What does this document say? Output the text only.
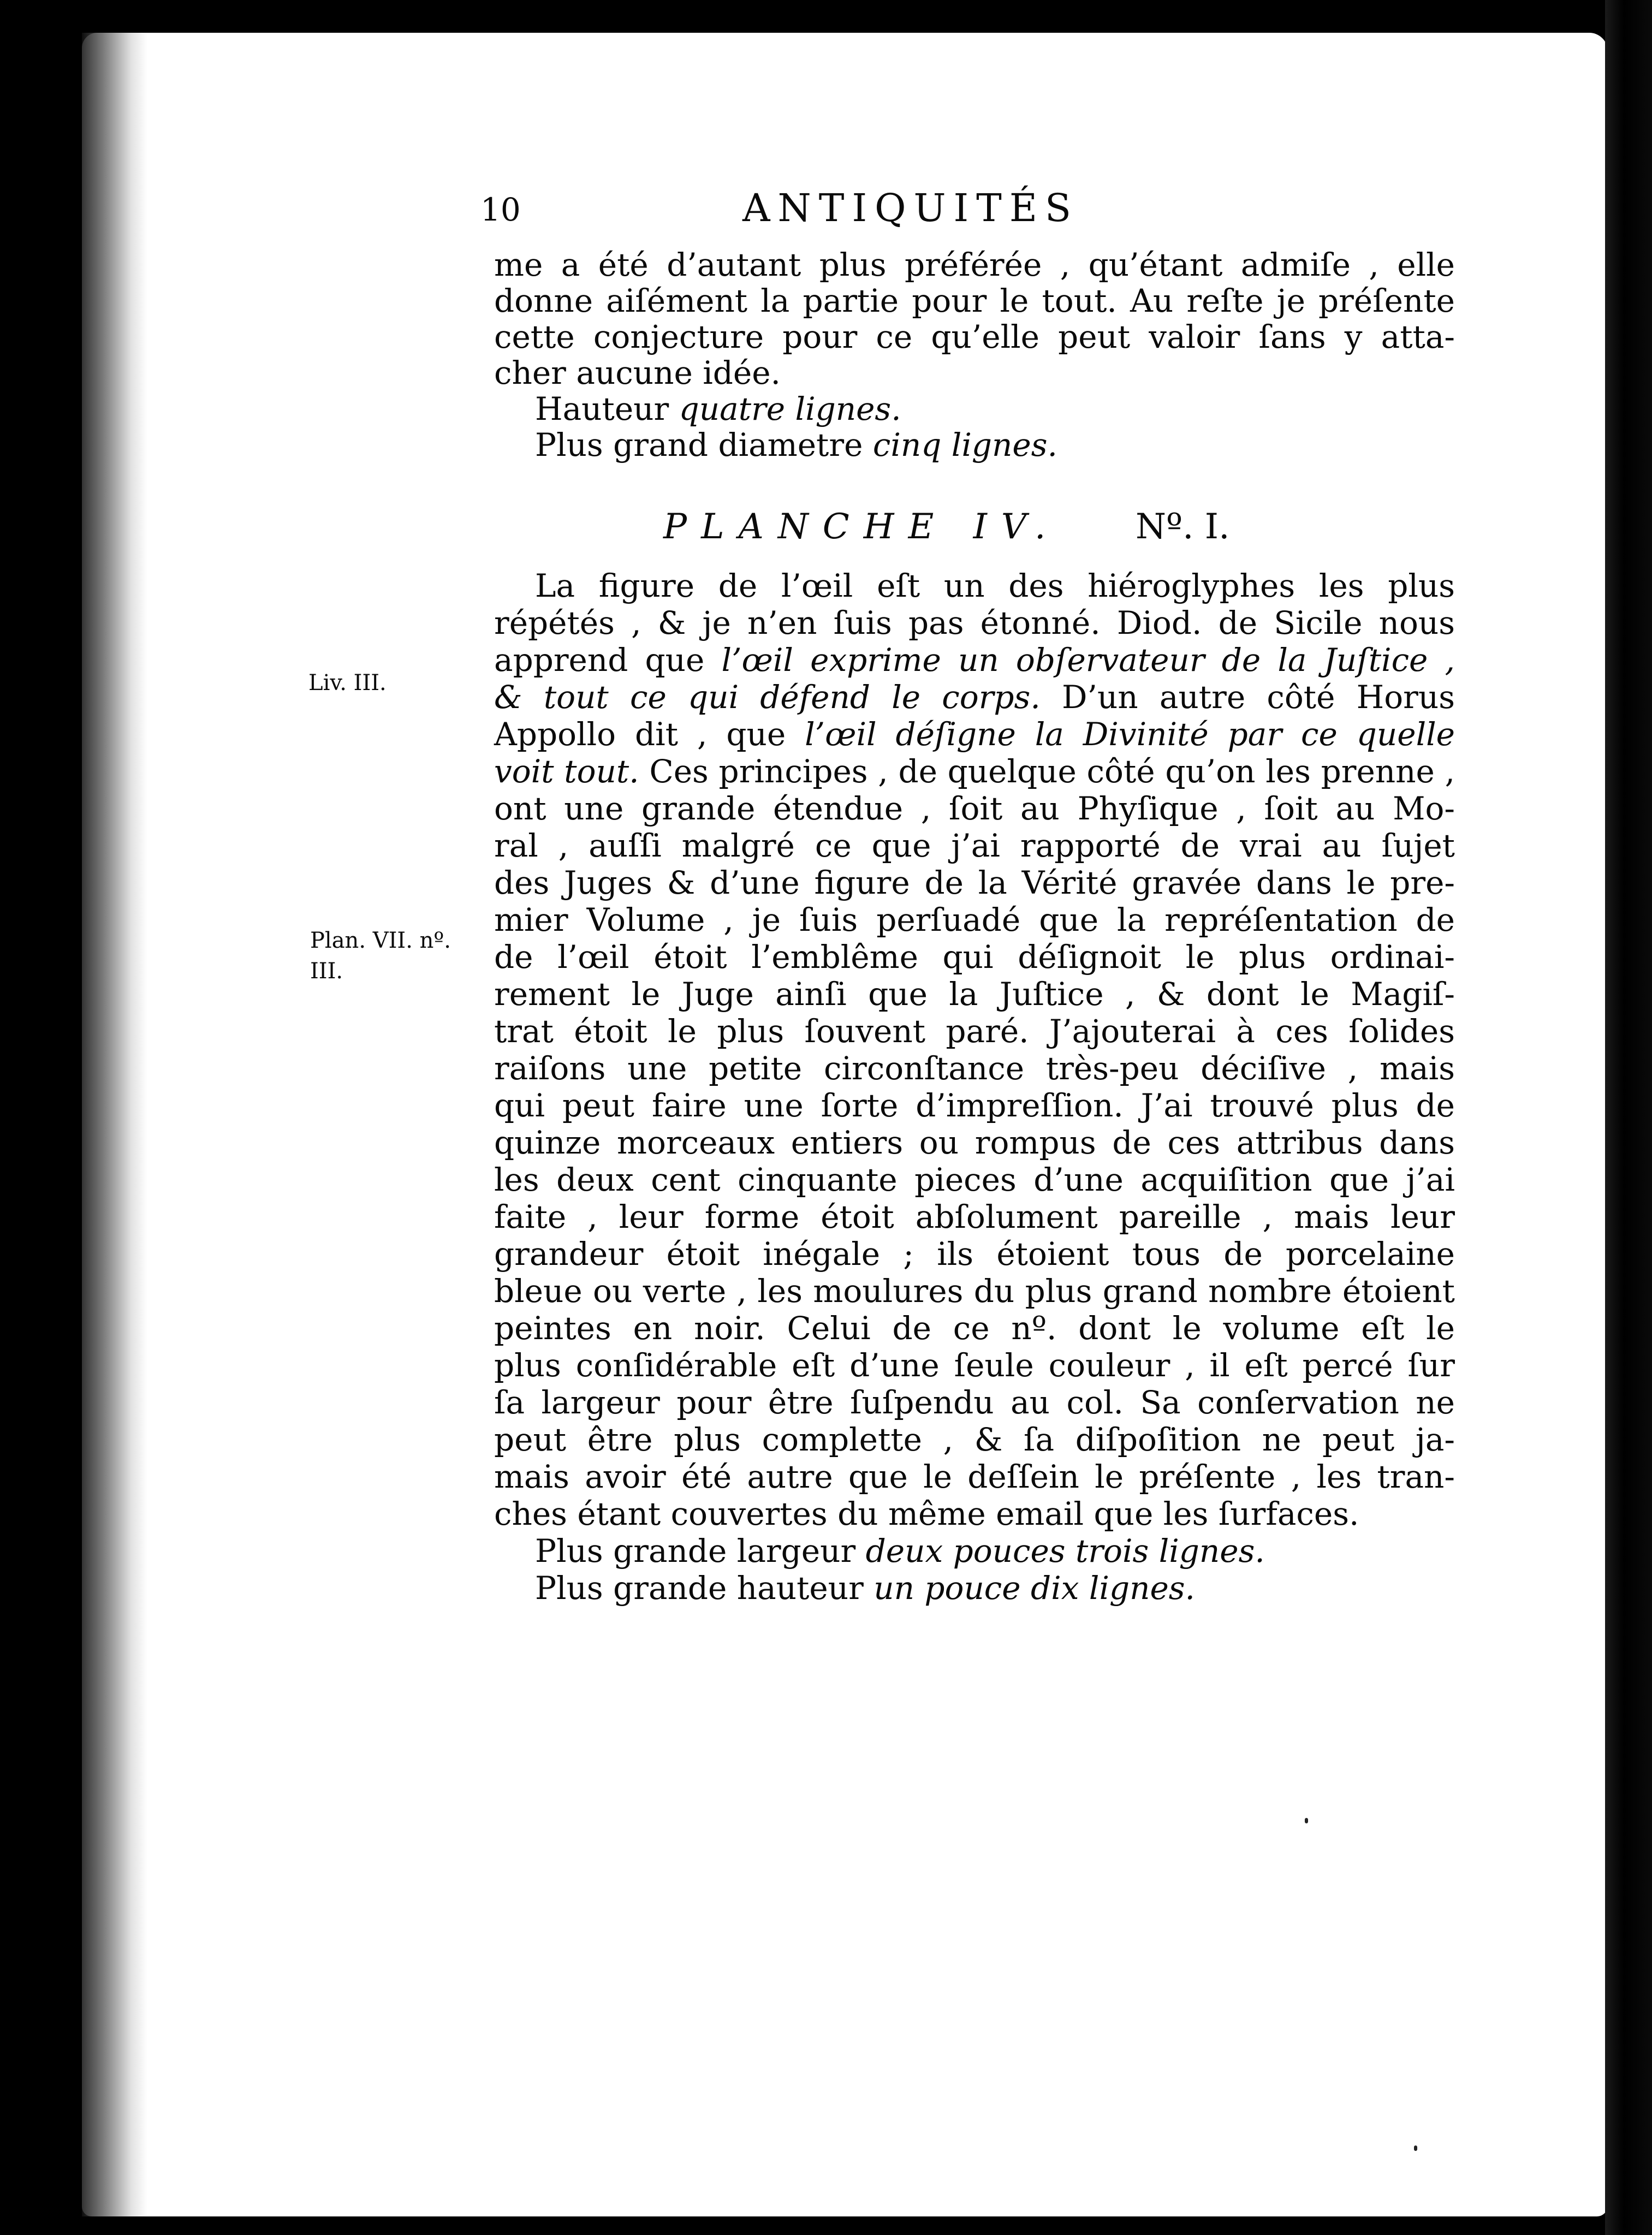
10	ANTIQUITÉS
me a été d’autant plus préférée , qu’étant admiſe , elle
donne aiſément la partie pour le tout. Au reſte je préſente
cette conjecture pour ce qu’elle peut valoir ſans y atta-
cher aucune idée.
Hauteur quatre lignes.
Plus grand diametre cinq lignes.
PLANCHE IV. Nº. I.
Liv. III.
Plan. VII. nº.
III.
La figure de l’œil eſt un des hiéroglyphes les plus
répétés , & je n’en ſuis pas étonné. Diod. de Sicile nous
apprend que l’œil exprime un obſervateur de la Juſtice ,
& tout ce qui défend le corps. D’un autre côté Horus
Appollo dit , que l’œil déſigne la Divinité par ce quelle
voit tout. Ces principes , de quelque côté qu’on les prenne ,
ont une grande étendue , ſoit au Phyſique , ſoit au Mo-
ral , auſſi malgré ce que j’ai rapporté de vrai au ſujet
des Juges & d’une figure de la Vérité gravée dans le pre-
mier Volume , je ſuis perſuadé que la repréſentation de
de l’œil étoit l’emblême qui déſignoit le plus ordinai-
rement le Juge ainſi que la Juſtice , & dont le Magiſ-
trat étoit le plus ſouvent paré. J’ajouterai à ces ſolides
raiſons une petite circonſtance très-peu déciſive , mais
qui peut faire une ſorte d’impreſſion. J’ai trouvé plus de
quinze morceaux entiers ou rompus de ces attribus dans
les deux cent cinquante pieces d’une acquiſition que j’ai
faite , leur forme étoit abſolument pareille , mais leur
grandeur étoit inégale ; ils étoient tous de porcelaine
bleue ou verte , les moulures du plus grand nombre étoient
peintes en noir. Celui de ce nº. dont le volume eſt le
plus conſidérable eſt d’une ſeule couleur , il eſt percé ſur
ſa largeur pour être ſuſpendu au col. Sa conſervation ne
peut être plus complette , & ſa diſpoſition ne peut ja-
mais avoir été autre que le deſſein le préſente , les tran-
ches étant couvertes du même email que les ſurfaces.
Plus grande largeur deux pouces trois lignes.
Plus grande hauteur un pouce dix lignes.
